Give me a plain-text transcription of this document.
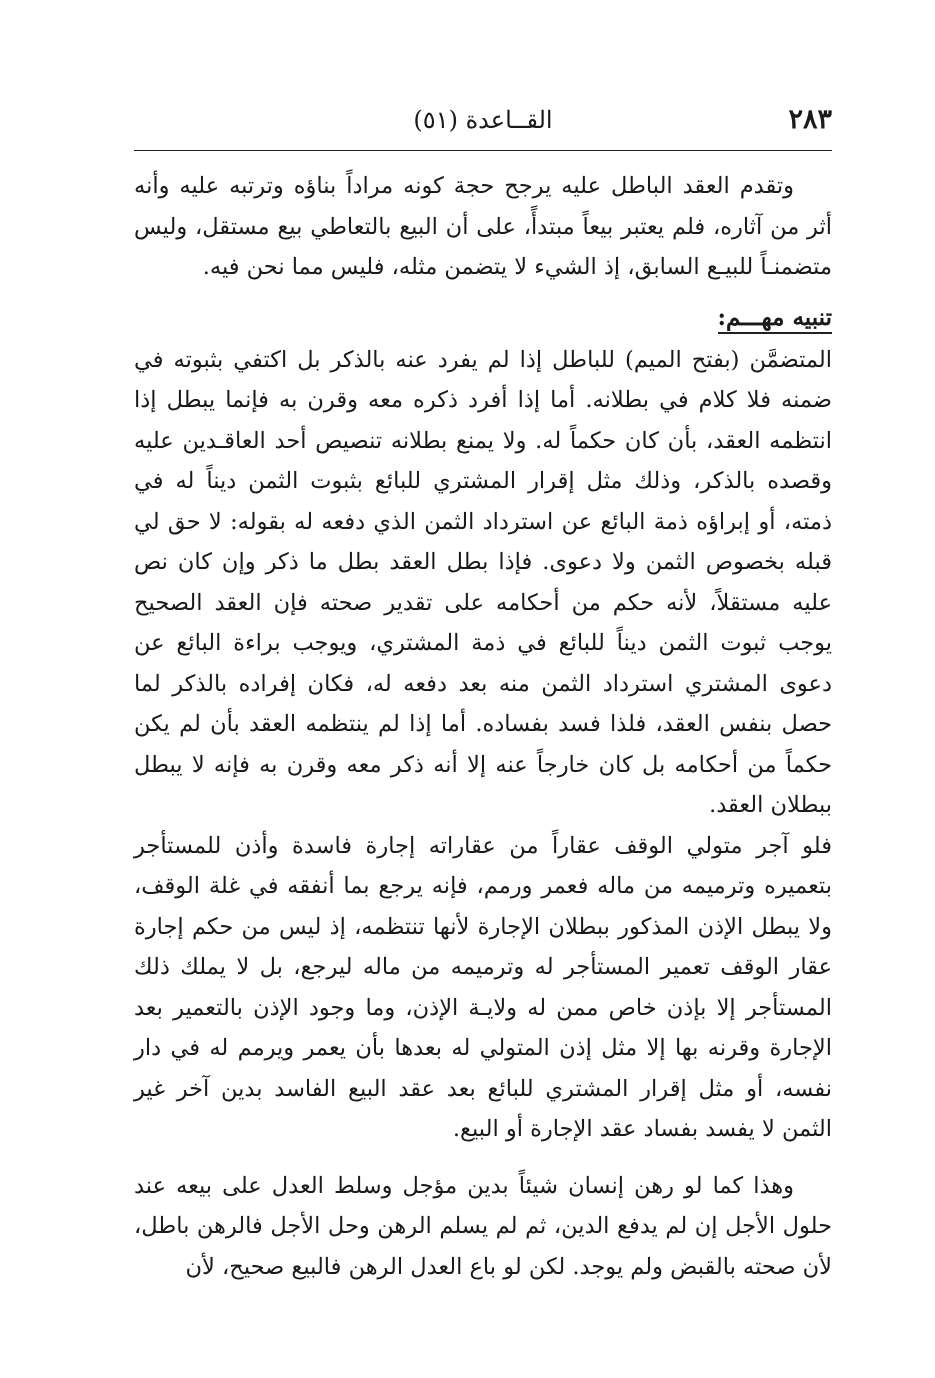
٢٨٣
القــاعدة (٥١)

وتقدم العقد الباطل عليه يرجح حجة كونه مراداً بناؤه وترتبه عليه وأنه أثر من آثاره، فلم يعتبر بيعاً مبتدأً، على أن البيع بالتعاطي بيع مستقل، وليس متضمنـاً للبيـع السابق، إذ الشيء لا يتضمن مثله، فليس مما نحن فيه.

تنبيه مهـــم:

المتضمَّن (بفتح الميم) للباطل إذا لم يفرد عنه بالذكر بل اكتفي بثبوته في ضمنه فلا كلام في بطلانه. أما إذا أفرد ذكره معه وقرن به فإنما يبطل إذا انتظمه العقد، بأن كان حكماً له. ولا يمنع بطلانه تنصيص أحد العاقـدين عليه وقصده بالذكر، وذلك مثل إقرار المشتري للبائع بثبوت الثمن ديناً له في ذمته، أو إبراؤه ذمة البائع عن استرداد الثمن الذي دفعه له بقوله: لا حق لي قبله بخصوص الثمن ولا دعوى. فإذا بطل العقد بطل ما ذكر وإن كان نص عليه مستقلاً، لأنه حكم من أحكامه على تقدير صحته فإن العقد الصحيح يوجب ثبوت الثمن ديناً للبائع في ذمة المشتري، ويوجب براءة البائع عن دعوى المشتري استرداد الثمن منه بعد دفعه له، فكان إفراده بالذكر لما حصل بنفس العقد، فلذا فسد بفساده. أما إذا لم ينتظمه العقد بأن لم يكن حكماً من أحكامه بل كان خارجاً عنه إلا أنه ذكر معه وقرن به فإنه لا يبطل ببطلان العقد.

فلو آجر متولي الوقف عقاراً من عقاراته إجارة فاسدة وأذن للمستأجر بتعميره وترميمه من ماله فعمر ورمم، فإنه يرجع بما أنفقه في غلة الوقف، ولا يبطل الإذن المذكور ببطلان الإجارة لأنها تنتظمه، إذ ليس من حكم إجارة عقار الوقف تعمير المستأجر له وترميمه من ماله ليرجع، بل لا يملك ذلك المستأجر إلا بإذن خاص ممن له ولايـة الإذن، وما وجود الإذن بالتعمير بعد الإجارة وقرنه بها إلا مثل إذن المتولي له بعدها بأن يعمر ويرمم له في دار نفسه، أو مثل إقرار المشتري للبائع بعد عقد البيع الفاسد بدين آخر غير الثمن لا يفسد بفساد عقد الإجارة أو البيع.

وهذا كما لو رهن إنسان شيئاً بدين مؤجل وسلط العدل على بيعه عند حلول الأجل إن لم يدفع الدين، ثم لم يسلم الرهن وحل الأجل فالرهن باطل، لأن صحته بالقبض ولم يوجد. لكن لو باع العدل الرهن فالبيع صحيح، لأن
